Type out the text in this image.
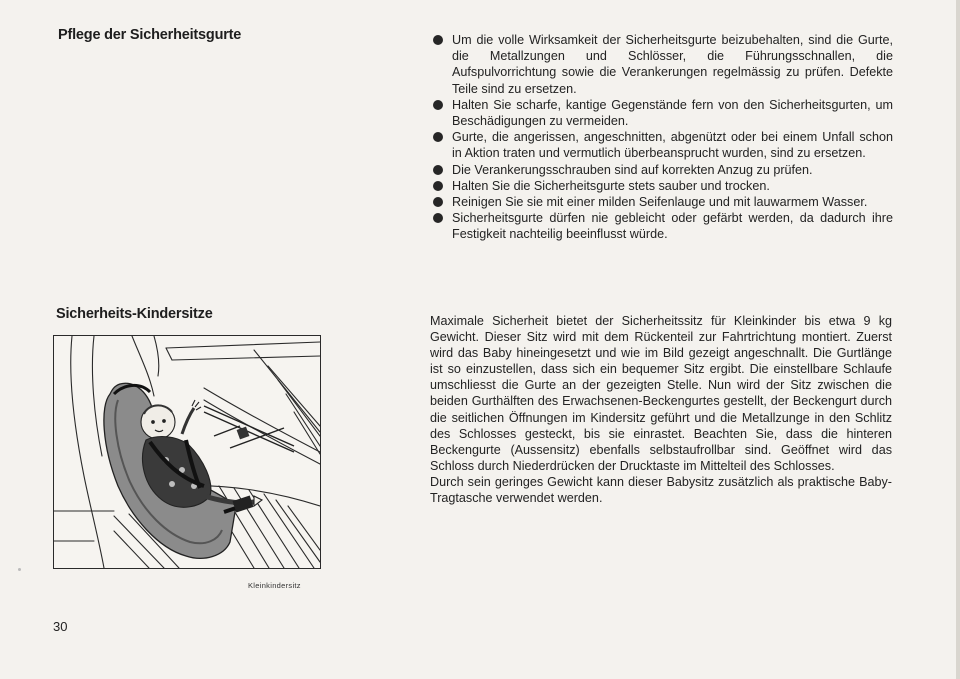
Pflege der Sicherheitsgurte	Um die volle Wirksamkeit der Sicherheitsgurte beizubehalten, sind die Gurte, die Metallzungen und Schlösser, die Führungsschnallen, die Aufspulvorrichtung sowie die Verankerungen regelmässig zu prüfen. Defekte Teile sind zu ersetzen.
Halten Sie scharfe, kantige Gegenstände fern von den Sicherheitsgurten, um Beschädigungen zu vermeiden.
Gurte, die angerissen, angeschnitten, abgenützt oder bei einem Unfall schon in Aktion traten und vermutlich überbeansprucht wurden, sind zu ersetzen.
Die Verankerungsschrauben sind auf korrekten Anzug zu prüfen.
Halten Sie die Sicherheitsgurte stets sauber und trocken.
Reinigen Sie sie mit einer milden Seifenlauge und mit lauwarmem Wasser.
Sicherheitsgurte dürfen nie gebleicht oder gefärbt werden, da dadurch ihre Festigkeit nachteilig beeinflusst würde.
Sicherheits-Kindersitze	Maximale Sicherheit bietet der Sicherheitssitz für Kleinkinder bis etwa 9 kg Gewicht. Dieser Sitz wird mit dem Rückenteil zur Fahrtrichtung montiert. Zuerst wird das Baby hineingesetzt und wie im Bild gezeigt angeschnallt. Die Gurtlänge ist so einzustellen, dass sich ein bequemer Sitz ergibt. Die einstellbare Schlaufe umschliesst die Gurte an der gezeigten Stelle. Nun wird der Sitz zwischen die beiden Gurthälften des Erwachsenen-Beckengurtes gestellt, der Beckengurt durch die seitlichen Öffnungen im Kindersitz geführt und die Metallzunge in den Schlitz des Schlosses gesteckt, bis sie einrastet. Beachten Sie, dass die hinteren Beckengurte (Aussensitz) ebenfalls selbstaufrollbar sind. Geöffnet wird das Schloss durch Niederdrücken der Drucktaste im Mittelteil des Schlosses.

Durch sein geringes Gewicht kann dieser Babysitz zusätzlich als praktische Baby-Tragtasche verwendet werden.

Kleinkindersitz
30
